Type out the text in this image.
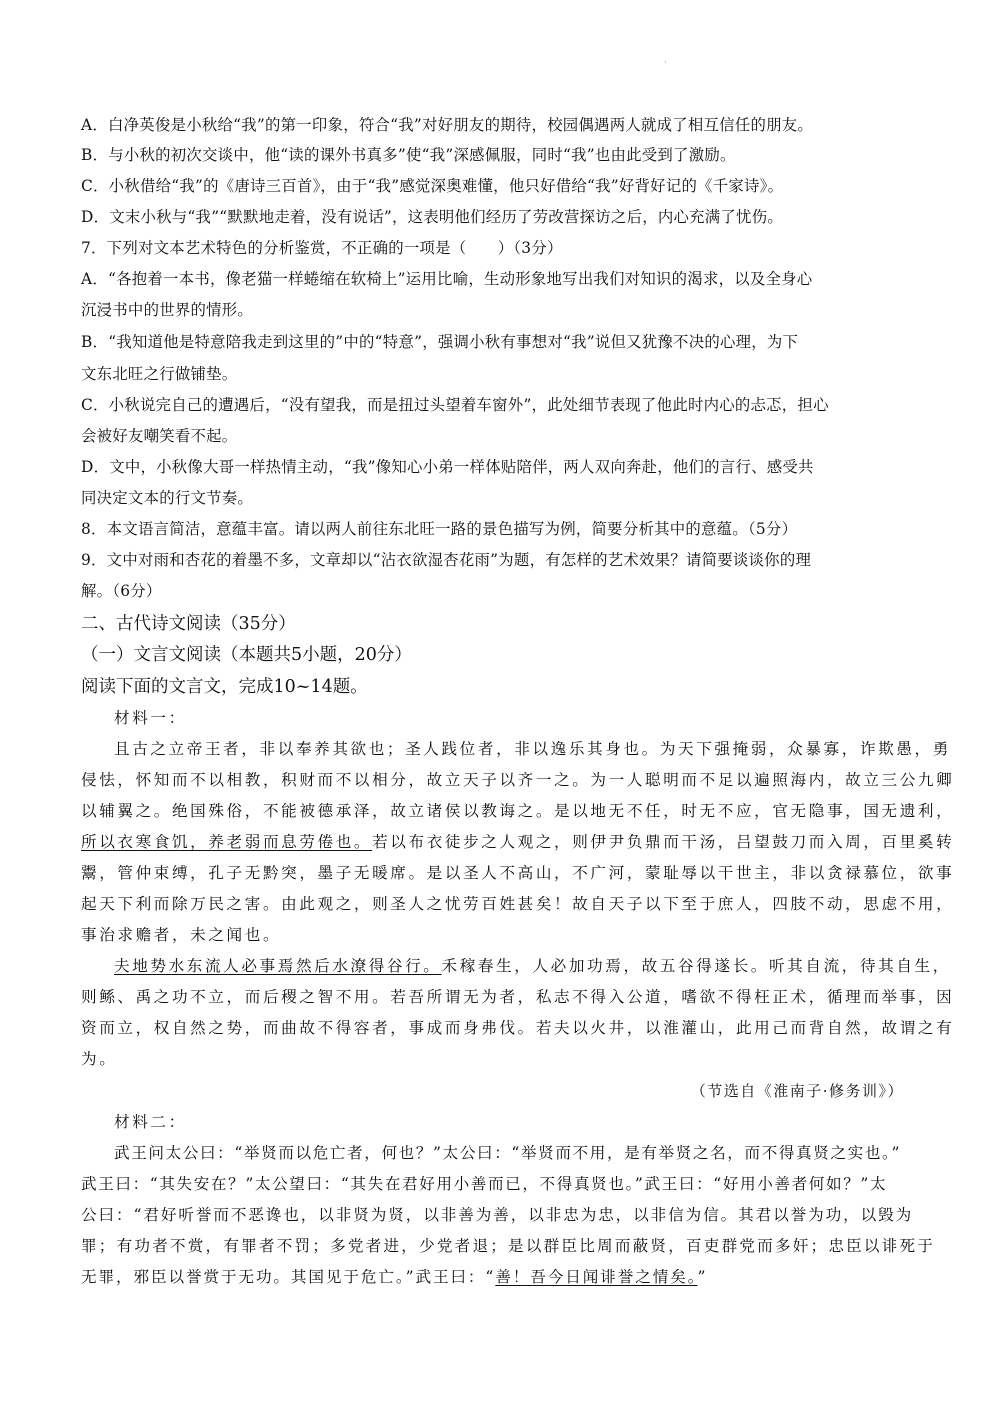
·
A．白净英俊是小秋给“我”的第一印象，符合“我”对好朋友的期待，校园偶遇两人就成了相互信任的朋友。
B．与小秋的初次交谈中，他“读的课外书真多”使“我”深感佩服，同时“我”也由此受到了激励。
C．小秋借给“我”的《唐诗三百首》，由于“我”感觉深奥难懂，他只好借给“我”好背好记的《千家诗》。
D．文末小秋与“我”“默默地走着，没有说话”，这表明他们经历了劳改营探访之后，内心充满了忧伤。
7．下列对文本艺术特色的分析鉴赏，不正确的一项是（　　）（3分）
A．“各抱着一本书，像老猫一样蜷缩在软椅上”运用比喻，生动形象地写出我们对知识的渴求，以及全身心
沉浸书中的世界的情形。
B．“我知道他是特意陪我走到这里的”中的“特意”，强调小秋有事想对“我”说但又犹豫不决的心理，为下
文东北旺之行做铺垫。
C．小秋说完自己的遭遇后，“没有望我，而是扭过头望着车窗外”，此处细节表现了他此时内心的忐忑，担心
会被好友嘲笑看不起。
D．文中，小秋像大哥一样热情主动，“我”像知心小弟一样体贴陪伴，两人双向奔赴，他们的言行、感受共
同决定文本的行文节奏。
8．本文语言简洁，意蕴丰富。请以两人前往东北旺一路的景色描写为例，简要分析其中的意蕴。（5分）
9．文中对雨和杏花的着墨不多，文章却以“沾衣欲湿杏花雨”为题，有怎样的艺术效果？请简要谈谈你的理
解。（6分）
二、古代诗文阅读（35分）
（一）文言文阅读（本题共5小题，20分）
阅读下面的文言文，完成10~14题。
材料一：
且古之立帝王者，非以奉养其欲也；圣人践位者，非以逸乐其身也。为天下强掩弱，众暴寡，诈欺愚，勇
侵怯，怀知而不以相教，积财而不以相分，故立天子以齐一之。为一人聪明而不足以遍照海内，故立三公九卿
以辅翼之。绝国殊俗，不能被德承泽，故立诸侯以教诲之。是以地无不任，时无不应，官无隐事，国无遗利，
所以衣寒食饥，养老弱而息劳倦也。若以布衣徒步之人观之，则伊尹负鼎而干汤，吕望鼓刀而入周，百里奚转
鬻，管仲束缚，孔子无黔突，墨子无暖席。是以圣人不高山，不广河，蒙耻辱以干世主，非以贪禄慕位，欲事
起天下利而除万民之害。由此观之，则圣人之忧劳百姓甚矣！故自天子以下至于庶人，四肢不动，思虑不用，
事治求赡者，未之闻也。
夫地势水东流人必事焉然后水潦得谷行。禾稼春生，人必加功焉，故五谷得遂长。听其自流，待其自生，
则鲧、禹之功不立，而后稷之智不用。若吾所谓无为者，私志不得入公道，嗜欲不得枉正术，循理而举事，因
资而立，权自然之势，而曲故不得容者，事成而身弗伐。若夫以火井，以淮灌山，此用己而背自然，故谓之有
为。
（节选自《淮南子·修务训》）
材料二：
武王问太公曰：“举贤而以危亡者，何也？”太公曰：“举贤而不用，是有举贤之名，而不得真贤之实也。”
武王曰：“其失安在？”太公望曰：“其失在君好用小善而已，不得真贤也。”武王曰：“好用小善者何如？”太
公曰：“君好听誉而不恶谗也，以非贤为贤，以非善为善，以非忠为忠，以非信为信。其君以誉为功，以毁为
罪；有功者不赏，有罪者不罚；多党者进，少党者退；是以群臣比周而蔽贤，百吏群党而多奸；忠臣以诽死于
无罪，邪臣以誉赏于无功。其国见于危亡。”武王曰：“善！吾今日闻诽誉之情矣。”
